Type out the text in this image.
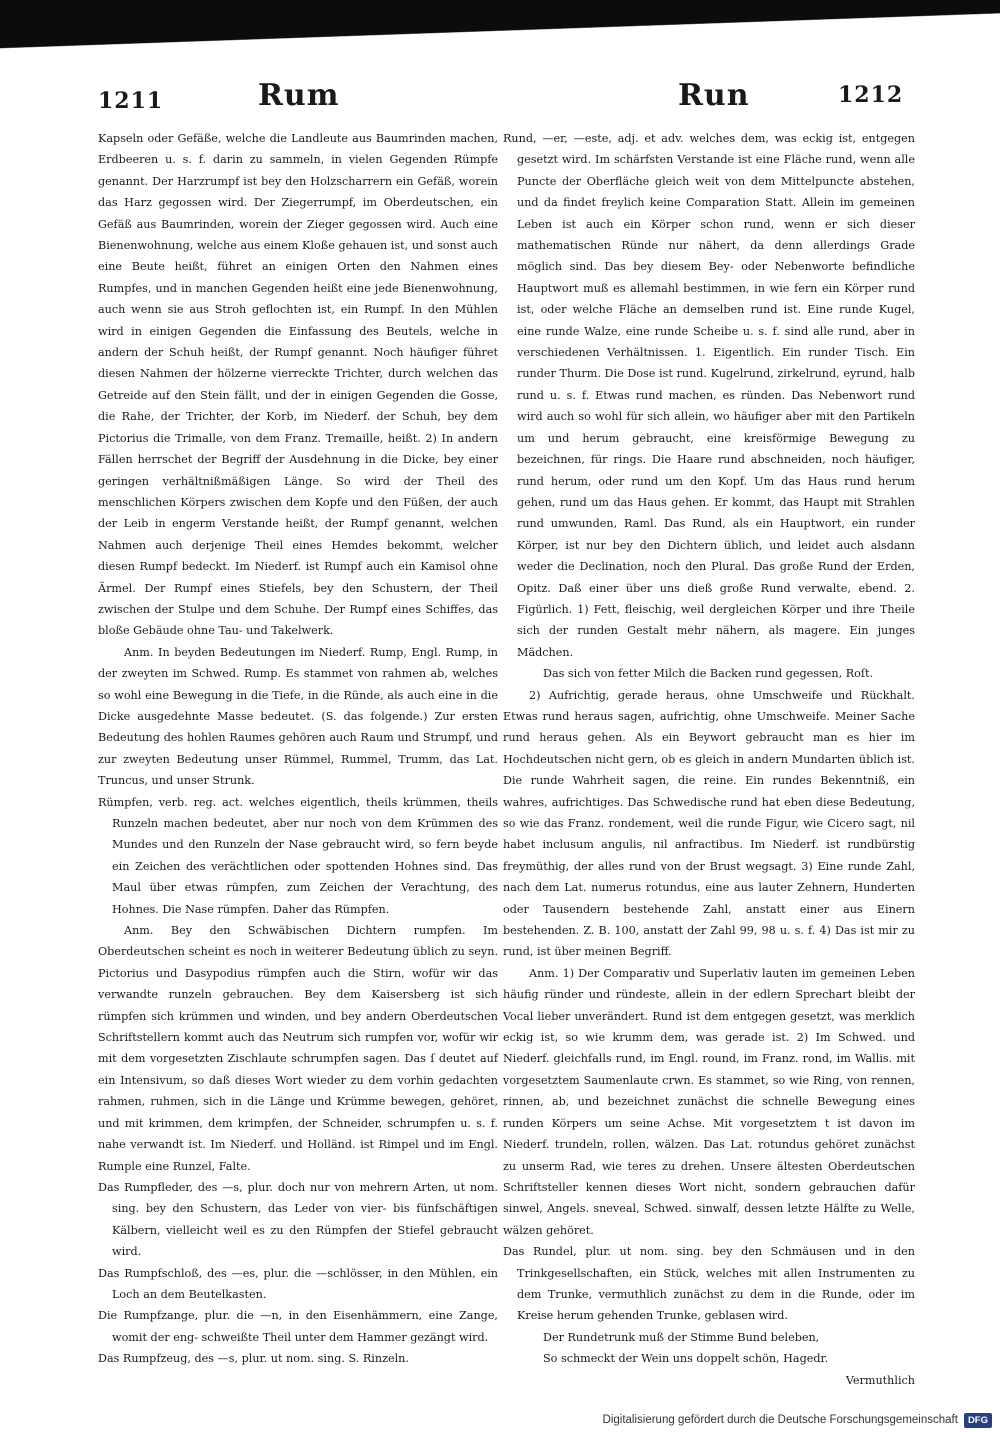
1211	Rum	Run	1212

Kapseln oder Gefäße, welche die Landleute aus Baumrinden machen, Erdbeeren u. s. f. darin zu sammeln, in vielen Gegenden Rümpfe genannt. Der Harzrumpf ist bey den Holzscharrern ein Gefäß, worein das Harz gegossen wird. Der Ziegerrumpf, im Oberdeutschen, ein Gefäß aus Baumrinden, worein der Zieger gegossen wird. Auch eine Bienenwohnung, welche aus einem Kloße gehauen ist, und sonst auch eine Beute heißt, führet an einigen Orten den Nahmen eines Rumpfes, und in manchen Gegenden heißt eine jede Bienenwohnung, auch wenn sie aus Stroh geflochten ist, ein Rumpf. In den Mühlen wird in einigen Gegenden die Einfassung des Beutels, welche in andern der Schuh heißt, der Rumpf genannt. Noch häufiger führet diesen Nahmen der hölzerne vierreckte Trichter, durch welchen das Getreide auf den Stein fällt, und der in einigen Gegenden die Gosse, die Rahe, der Trichter, der Korb, im Niederf. der Schuh, bey dem Pictorius die Trimalle, von dem Franz. Tremaille, heißt. 2) In andern Fällen herrschet der Begriff der Ausdehnung in die Dicke, bey einer geringen verhältnißmäßigen Länge. So wird der Theil des menschlichen Körpers zwischen dem Kopfe und den Füßen, der auch der Leib in engerm Verstande heißt, der Rumpf genannt, welchen Nahmen auch derjenige Theil eines Hemdes bekommt, welcher diesen Rumpf bedeckt. Im Niederf. ist Rumpf auch ein Kamisol ohne Ärmel. Der Rumpf eines Stiefels, bey den Schustern, der Theil zwischen der Stulpe und dem Schuhe. Der Rumpf eines Schiffes, das bloße Gebäude ohne Tau- und Takelwerk.

Anm. In beyden Bedeutungen im Niederf. Rump, Engl. Rump, in der zweyten im Schwed. Rump. Es stammet von rahmen ab, welches so wohl eine Bewegung in die Tiefe, in die Ründe, als auch eine in die Dicke ausgedehnte Masse bedeutet. (S. das folgende.) Zur ersten Bedeutung des hohlen Raumes gehören auch Raum und Strumpf, und zur zweyten Bedeutung unser Rümmel, Rummel, Trumm, das Lat. Truncus, und unser Strunk.

Rümpfen, verb. reg. act. welches eigentlich, theils krümmen, theils Runzeln machen bedeutet, aber nur noch von dem Krümmen des Mundes und den Runzeln der Nase gebraucht wird, so fern beyde ein Zeichen des verächtlichen oder spottenden Hohnes sind. Das Maul über etwas rümpfen, zum Zeichen der Verachtung, des Hohnes. Die Nase rümpfen. Daher das Rümpfen.

Anm. Bey den Schwäbischen Dichtern rumpfen. Im Oberdeutschen scheint es noch in weiterer Bedeutung üblich zu seyn. Pictorius und Dasypodius rümpfen auch die Stirn, wofür wir das verwandte runzeln gebrauchen. Bey dem Kaisersberg ist sich rümpfen sich krümmen und winden, und bey andern Oberdeutschen Schriftstellern kommt auch das Neutrum sich rumpfen vor, wofür wir mit dem vorgesetzten Zischlaute schrumpfen sagen. Das ſ deutet auf ein Intensivum, so daß dieses Wort wieder zu dem vorhin gedachten rahmen, ruhmen, sich in die Länge und Krümme bewegen, gehöret, und mit krimmen, dem krimpfen, der Schneider, schrumpfen u. s. f. nahe verwandt ist. Im Niederf. und Holländ. ist Rimpel und im Engl. Rumple eine Runzel, Falte.

Das Rumpfleder, des —s, plur. doch nur von mehrern Arten, ut nom. sing. bey den Schustern, das Leder von vier- bis fünfschäftigen Kälbern, vielleicht weil es zu den Rümpfen der Stiefel gebraucht wird.

Das Rumpfschloß, des —es, plur. die —schlösser, in den Mühlen, ein Loch an dem Beutelkasten.

Die Rumpfzange, plur. die —n, in den Eisenhämmern, eine Zange, womit der eng- schweißte Theil unter dem Hammer gezängt wird.

Das Rumpfzeug, des —s, plur. ut nom. sing. S. Rinzeln.

Rund, —er, —este, adj. et adv. welches dem, was eckig ist, entgegen gesetzt wird. Im schärfsten Verstande ist eine Fläche rund, wenn alle Puncte der Oberfläche gleich weit von dem Mittelpuncte abstehen, und da findet freylich keine Comparation Statt. Allein im gemeinen Leben ist auch ein Körper schon rund, wenn er sich dieser mathematischen Ründe nur nähert, da denn allerdings Grade möglich sind. Das bey diesem Bey- oder Nebenworte befindliche Hauptwort muß es allemahl bestimmen, in wie fern ein Körper rund ist, oder welche Fläche an demselben rund ist. Eine runde Kugel, eine runde Walze, eine runde Scheibe u. s. f. sind alle rund, aber in verschiedenen Verhältnissen. 1. Eigentlich. Ein runder Tisch. Ein runder Thurm. Die Dose ist rund. Kugelrund, zirkelrund, eyrund, halb rund u. s. f. Etwas rund machen, es ründen. Das Nebenwort rund wird auch so wohl für sich allein, wo häufiger aber mit den Partikeln um und herum gebraucht, eine kreisförmige Bewegung zu bezeichnen, für rings. Die Haare rund abschneiden, noch häufiger, rund herum, oder rund um den Kopf. Um das Haus rund herum gehen, rund um das Haus gehen. Er kommt, das Haupt mit Strahlen rund umwunden, Raml. Das Rund, als ein Hauptwort, ein runder Körper, ist nur bey den Dichtern üblich, und leidet auch alsdann weder die Declination, noch den Plural. Das große Rund der Erden, Opitz. Daß einer über uns dieß große Rund verwalte, ebend. 2. Figürlich. 1) Fett, fleischig, weil dergleichen Körper und ihre Theile sich der runden Gestalt mehr nähern, als magere. Ein junges Mädchen.

Das sich von fetter Milch die Backen rund gegessen, Roſt.

2) Aufrichtig, gerade heraus, ohne Umschweife und Rückhalt. Etwas rund heraus sagen, aufrichtig, ohne Umschweife. Meiner Sache rund heraus gehen. Als ein Beywort gebraucht man es hier im Hochdeutschen nicht gern, ob es gleich in andern Mundarten üblich ist. Die runde Wahrheit sagen, die reine. Ein rundes Bekenntniß, ein wahres, aufrichtiges. Das Schwedische rund hat eben diese Bedeutung, so wie das Franz. rondement, weil die runde Figur, wie Cicero sagt, nil habet inclusum angulis, nil anfractibus. Im Niederf. ist rundbürstig freymüthig, der alles rund von der Brust wegsagt. 3) Eine runde Zahl, nach dem Lat. numerus rotundus, eine aus lauter Zehnern, Hunderten oder Tausendern bestehende Zahl, anstatt einer aus Einern bestehenden. Z. B. 100, anstatt der Zahl 99, 98 u. s. f. 4) Das ist mir zu rund, ist über meinen Begriff.

Anm. 1) Der Comparativ und Superlativ lauten im gemeinen Leben häufig ründer und ründeste, allein in der edlern Sprechart bleibt der Vocal lieber unverändert. Rund ist dem entgegen gesetzt, was merklich eckig ist, so wie krumm dem, was gerade ist. 2) Im Schwed. und Niederf. gleichfalls rund, im Engl. round, im Franz. rond, im Wallis. mit vorgesetztem Saumenlaute crwn. Es stammet, so wie Ring, von rennen, rinnen, ab, und bezeichnet zunächst die schnelle Bewegung eines runden Körpers um seine Achse. Mit vorgesetztem t ist davon im Niederf. trundeln, rollen, wälzen. Das Lat. rotundus gehöret zunächst zu unserm Rad, wie teres zu drehen. Unsere ältesten Oberdeutschen Schriftsteller kennen dieses Wort nicht, sondern gebrauchen dafür sinwel, Angels. sneveal, Schwed. sinwalf, dessen letzte Hälfte zu Welle, wälzen gehöret.

Das Rundel, plur. ut nom. sing. bey den Schmäusen und in den Trinkgesellschaften, ein Stück, welches mit allen Instrumenten zu dem Trunke, vermuthlich zunächst zu dem in die Runde, oder im Kreise herum gehenden Trunke, geblasen wird.

Der Rundetrunk muß der Stimme Bund beleben,

So schmeckt der Wein uns doppelt schön, Hagedr.

Vermuthlich

Digitalisierung gefördert durch die Deutsche Forschungsgemeinschaft	DFG
